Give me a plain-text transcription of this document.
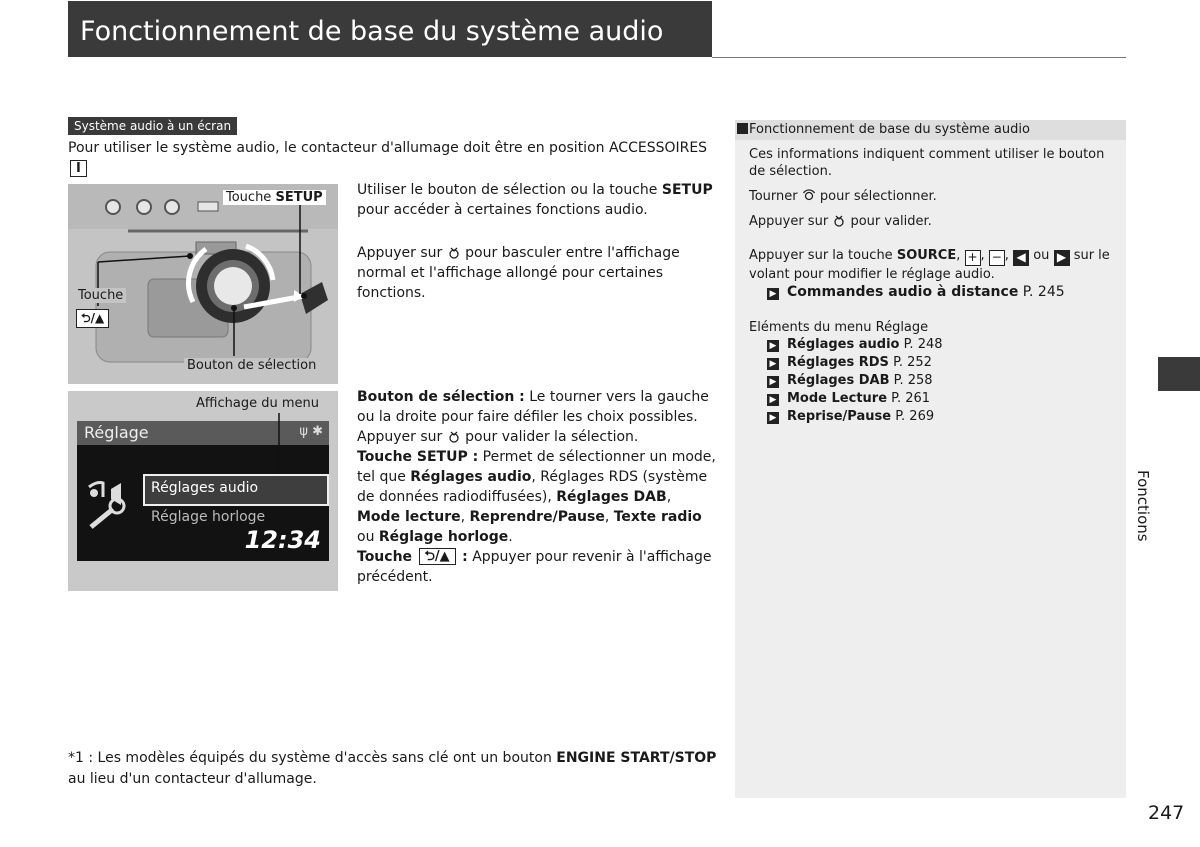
Fonctionnement de base du système audio
Système audio à un écran
Pour utiliser le système audio, le contacteur d'allumage doit être en position ACCESSOIRES I

Touche SETUP
Touche
⮌/▲
Bouton de sélection
Affichage du menu
Réglage	ψ ✱
Réglages audio
Réglage horloge
12:34
Utiliser le bouton de sélection ou la touche SETUP pour accéder à certaines fonctions audio.
Appuyer sur pour basculer entre l'affichage normal et l'affichage allongé pour certaines fonctions.
Bouton de sélection : Le tourner vers la gauche ou la droite pour faire défiler les choix possibles.
Appuyer sur pour valider la sélection.
Touche SETUP : Permet de sélectionner un mode, tel que Réglages audio, Réglages RDS (système de données radiodiffusées), Réglages DAB, Mode lecture, Reprendre/Pause, Texte radio ou Réglage horloge.
Touche ⮌/▲ : Appuyer pour revenir à l'affichage précédent.
Fonctionnement de base du système audio
Ces informations indiquent comment utiliser le bouton de sélection.
Tourner pour sélectionner.
Appuyer sur pour valider.
Appuyer sur la touche SOURCE, + , − , ◀ ou ▶ sur le volant pour modifier le réglage audio.
▶ Commandes audio à distance P. 245
Eléments du menu Réglage
▶ Réglages audio P. 248
▶ Réglages RDS P. 252
▶ Réglages DAB P. 258
▶ Mode Lecture P. 261
▶ Reprise/Pause P. 269
*1 : Les modèles équipés du système d'accès sans clé ont un bouton ENGINE START/STOP au lieu d'un contacteur d'allumage.
247
Fonctions
